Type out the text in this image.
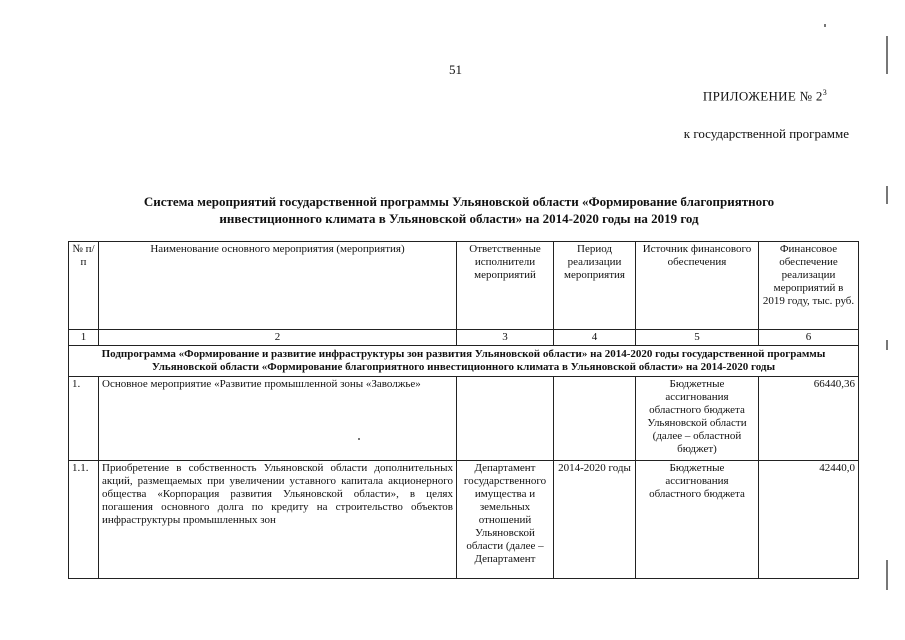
51
ПРИЛОЖЕНИЕ № $2^3$
к государственной программе
Система мероприятий государственной программы Ульяновской области «Формирование благоприятного
инвестиционного климата в Ульяновской области» на 2014-2020 годы на 2019 год
№ п/п	Наименование основного мероприятия (мероприятия)	Ответственные исполнители мероприятий	Период реализации мероприятия	Источник финансового обеспечения	Финансовое обеспечение реализации мероприятий в 2019 году, тыс. руб.
1	2	3	4	5	6
Подпрограмма «Формирование и развитие инфраструктуры зон развития Ульяновской области» на 2014-2020 годы государственной программы Ульяновской области «Формирование благоприятного инвестиционного климата в Ульяновской области» на 2014-2020 годы					
1.	Основное мероприятие «Развитие промышленной зоны «Заволжье»			Бюджетные ассигнования областного бюджета Ульяновской области (далее – областной бюджет)	66440,36
1.1.	Приобретение в собственность Ульяновской области дополнительных акций, размещаемых при увеличении уставного капитала акционерного общества «Корпорация развития Ульяновской области», в целях погашения основного долга по кредиту на строительство объектов инфраструктуры промышленных зон	Департамент государственного имущества и земельных отношений Ульяновской области (далее – Департамент	2014-2020 годы	Бюджетные ассигнования областного бюджета	42440,0
